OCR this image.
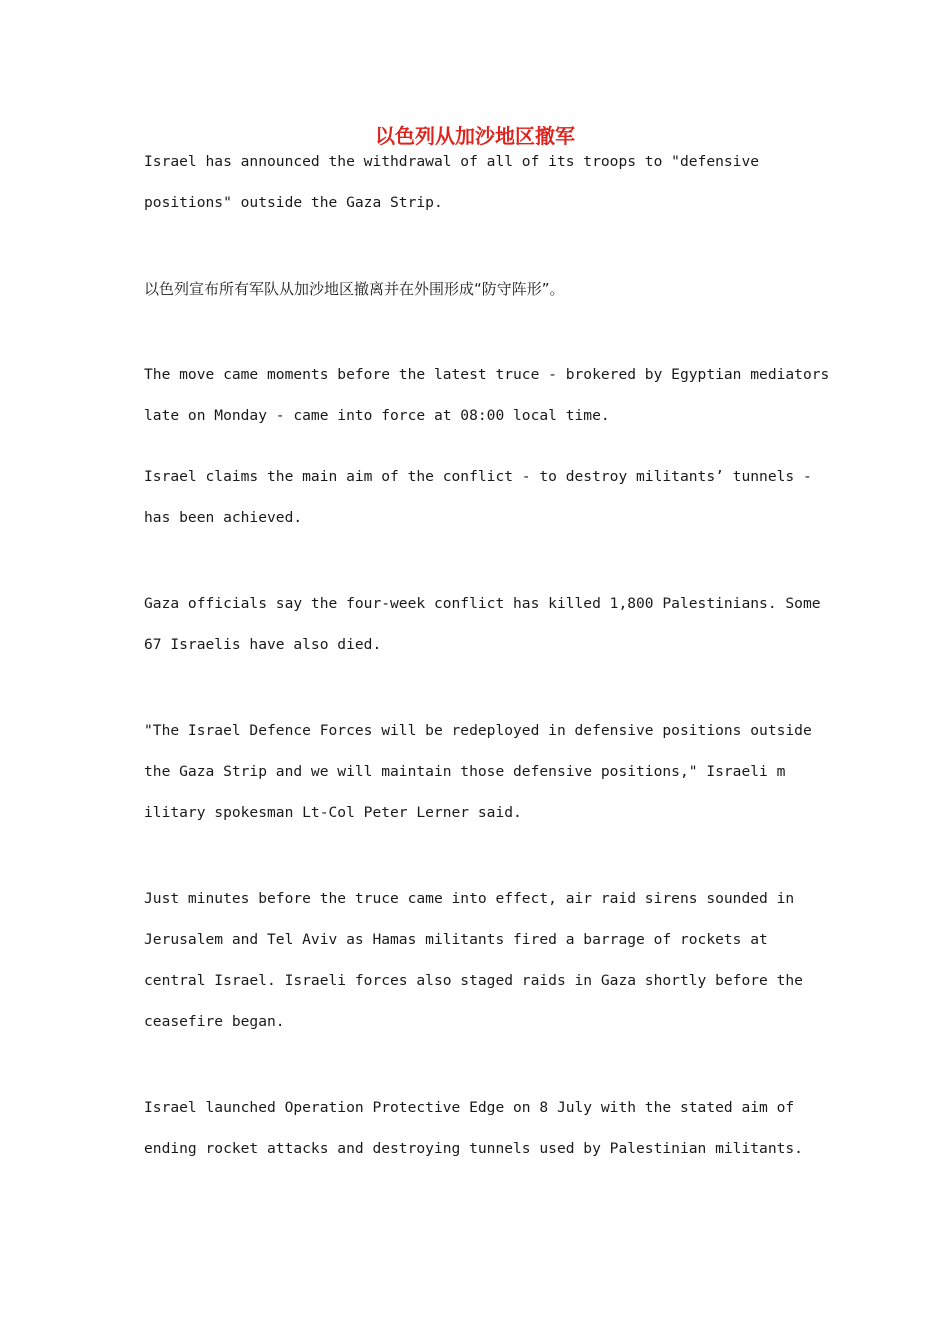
以色列从加沙地区撤军

Israel has announced the withdrawal of all of its troops to "defensive

positions" outside the Gaza Strip.

以色列宣布所有军队从加沙地区撤离并在外围形成“防守阵形”。

The move came moments before the latest truce - brokered by Egyptian mediators

late on Monday - came into force at 08:00 local time.

Israel claims the main aim of the conflict - to destroy militants’ tunnels -

has been achieved.

Gaza officials say the four-week conflict has killed 1,800 Palestinians. Some

67 Israelis have also died.

"The Israel Defence Forces will be redeployed in defensive positions outside

the Gaza Strip and we will maintain those defensive positions," Israeli m

ilitary spokesman Lt-Col Peter Lerner said.

Just minutes before the truce came into effect, air raid sirens sounded in

Jerusalem and Tel Aviv as Hamas militants fired a barrage of rockets at

central Israel. Israeli forces also staged raids in Gaza shortly before the

ceasefire began.

Israel launched Operation Protective Edge on 8 July with the stated aim of

ending rocket attacks and destroying tunnels used by Palestinian militants.
